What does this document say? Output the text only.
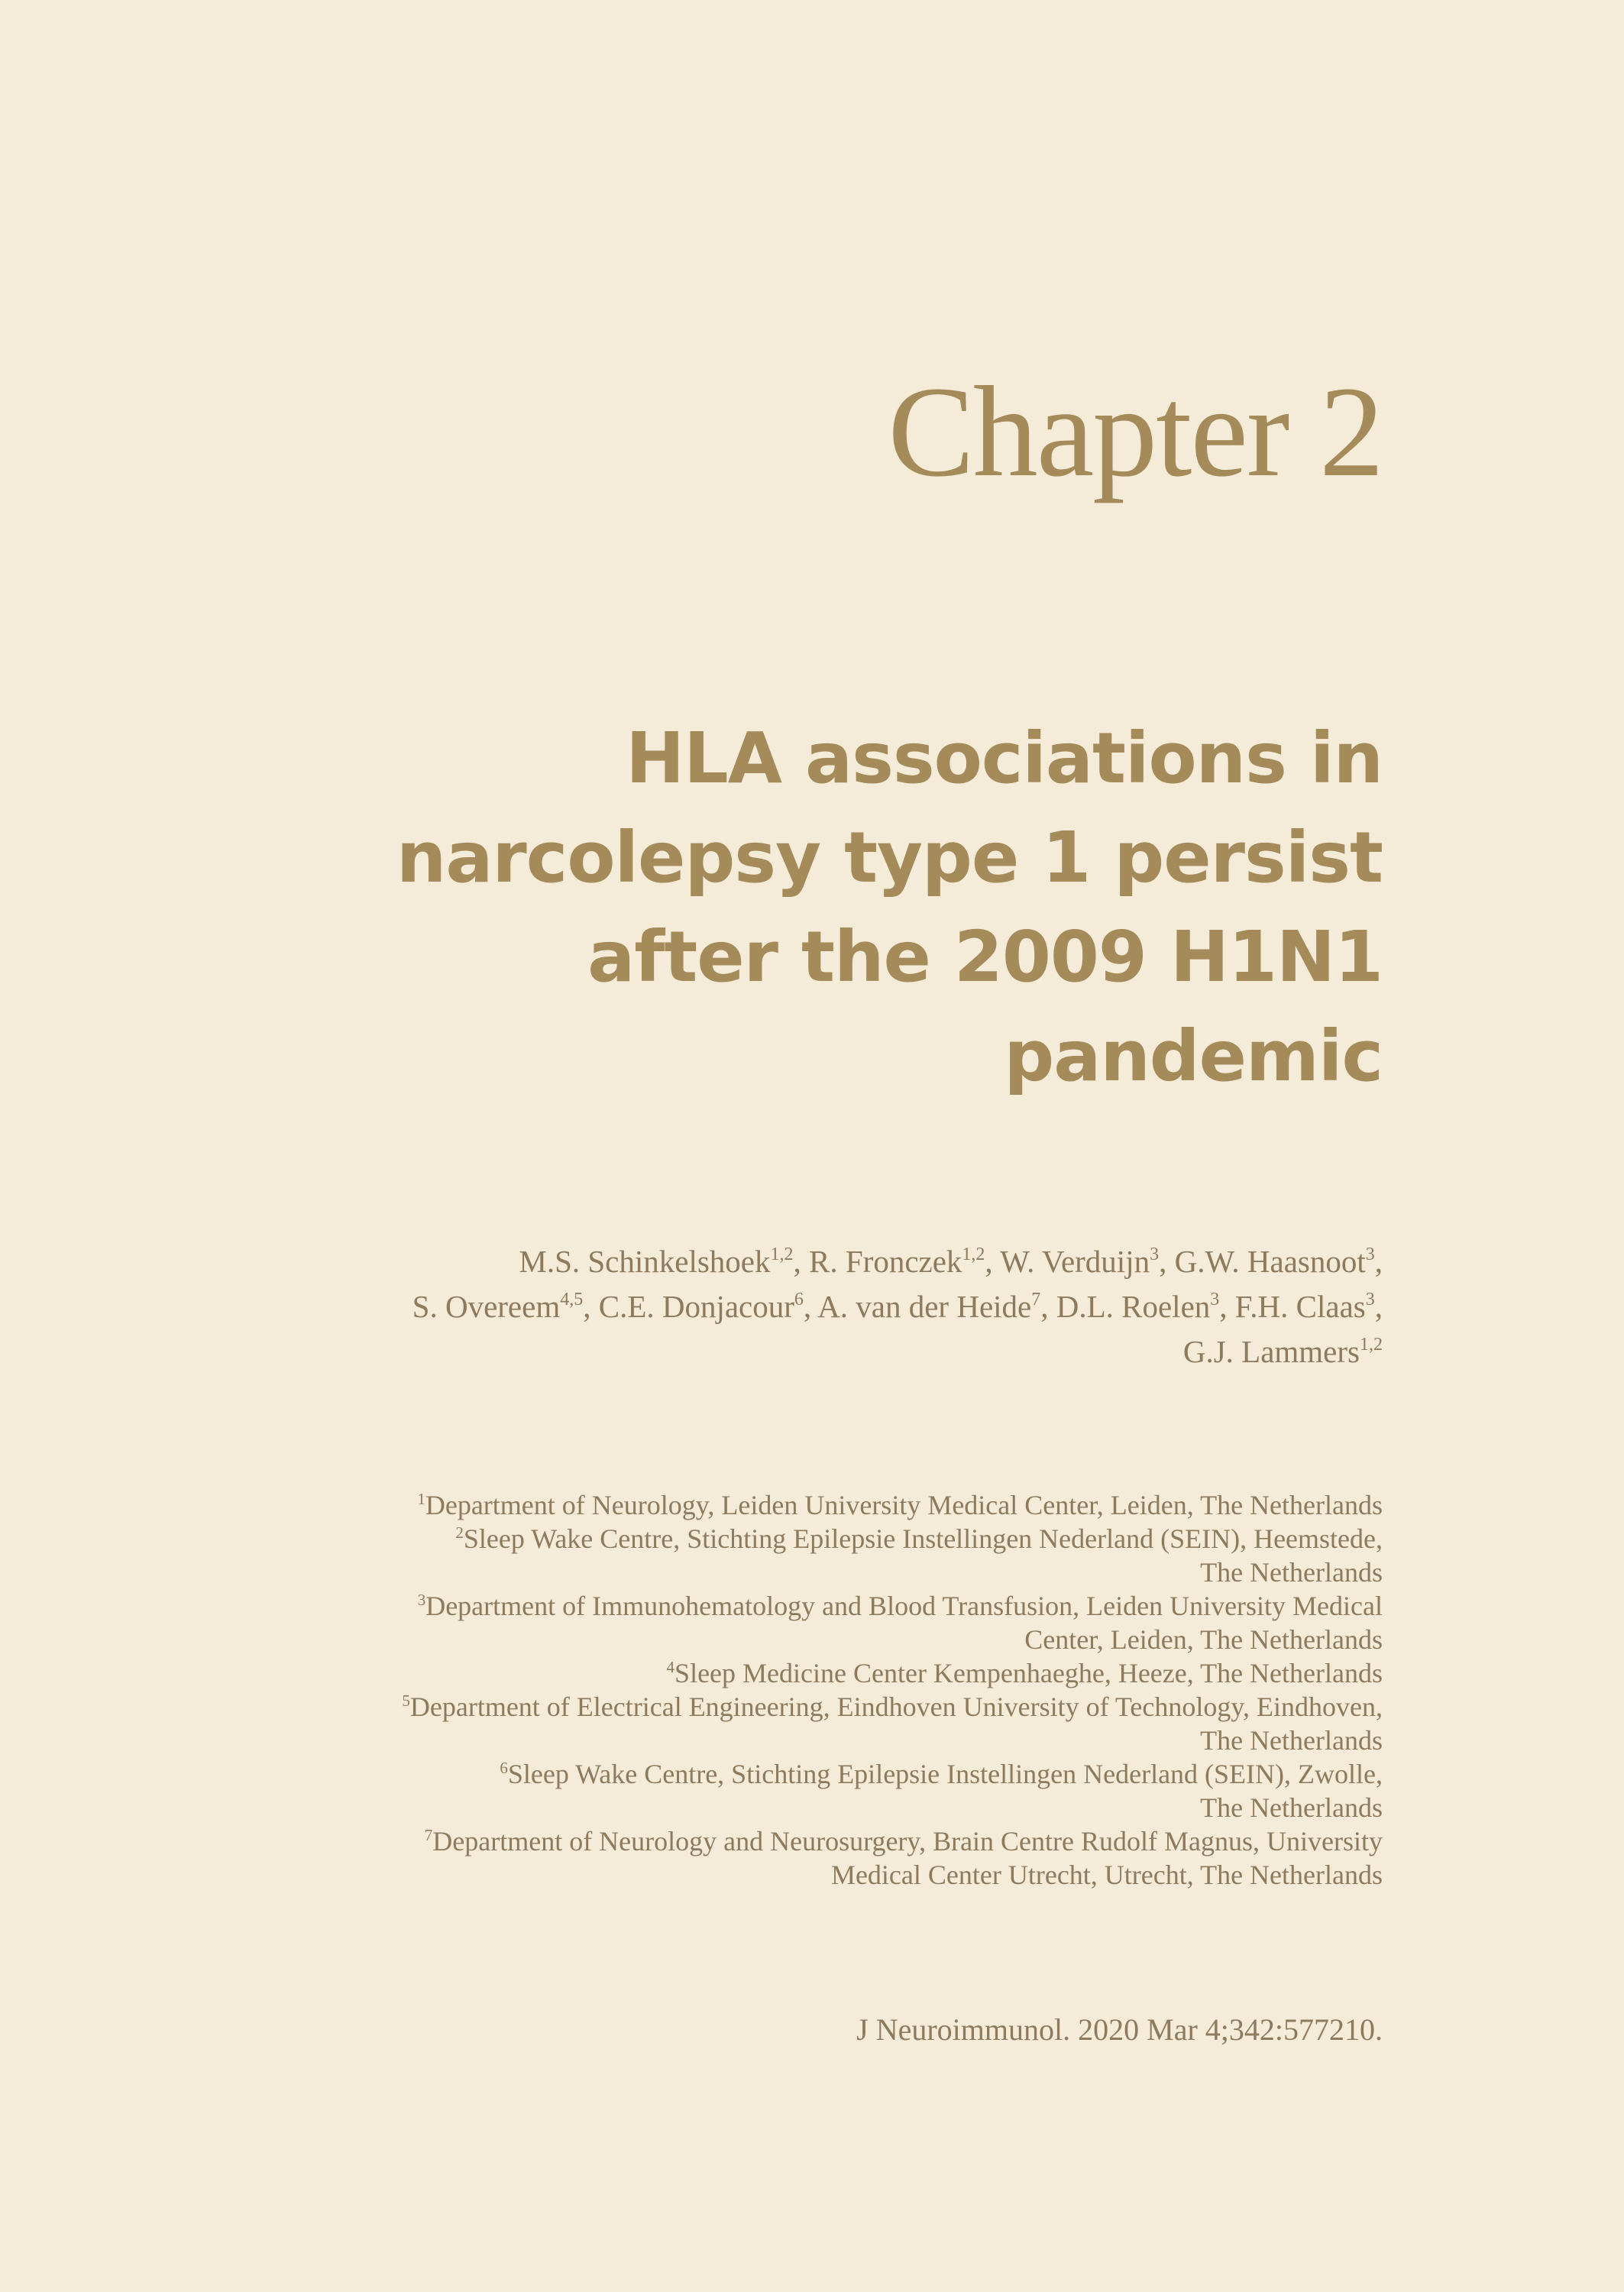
Chapter 2
HLA associations in
narcolepsy type 1 persist
after the 2009 H1N1
pandemic
M.S. Schinkelshoek$^{1,2}$, R. Fronczek$^{1,2}$, W. Verduijn$^3$, G.W. Haasnoot$^3$,
S. Overeem$^{4,5}$, C.E. Donjacour$^6$, A. van der Heide$^7$, D.L. Roelen$^3$, F.H. Claas$^3$,
G.J. Lammers$^{1,2}$
$^1$Department of Neurology, Leiden University Medical Center, Leiden, The Netherlands
$^2$Sleep Wake Centre, Stichting Epilepsie Instellingen Nederland (SEIN), Heemstede,
The Netherlands
$^3$Department of Immunohematology and Blood Transfusion, Leiden University Medical
Center, Leiden, The Netherlands
$^4$Sleep Medicine Center Kempenhaeghe, Heeze, The Netherlands
$^5$Department of Electrical Engineering, Eindhoven University of Technology, Eindhoven,
The Netherlands
$^6$Sleep Wake Centre, Stichting Epilepsie Instellingen Nederland (SEIN), Zwolle,
The Netherlands
$^7$Department of Neurology and Neurosurgery, Brain Centre Rudolf Magnus, University
Medical Center Utrecht, Utrecht, The Netherlands
J Neuroimmunol. 2020 Mar 4;342:577210.
